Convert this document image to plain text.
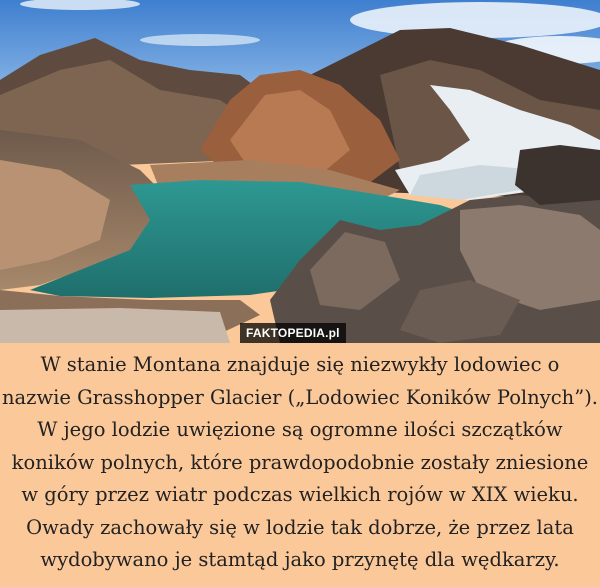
FAKTOPEDIA.pl
W stanie Montana znajduje się niezwykły lodowiec o
nazwie Grasshopper Glacier („Lodowiec Koników Polnych”).
W jego lodzie uwięzione są ogromne ilości szczątków
koników polnych, które prawdopodobnie zostały zniesione
w góry przez wiatr podczas wielkich rojów w XIX wieku.
Owady zachowały się w lodzie tak dobrze, że przez lata
wydobywano je stamtąd jako przynętę dla wędkarzy.
